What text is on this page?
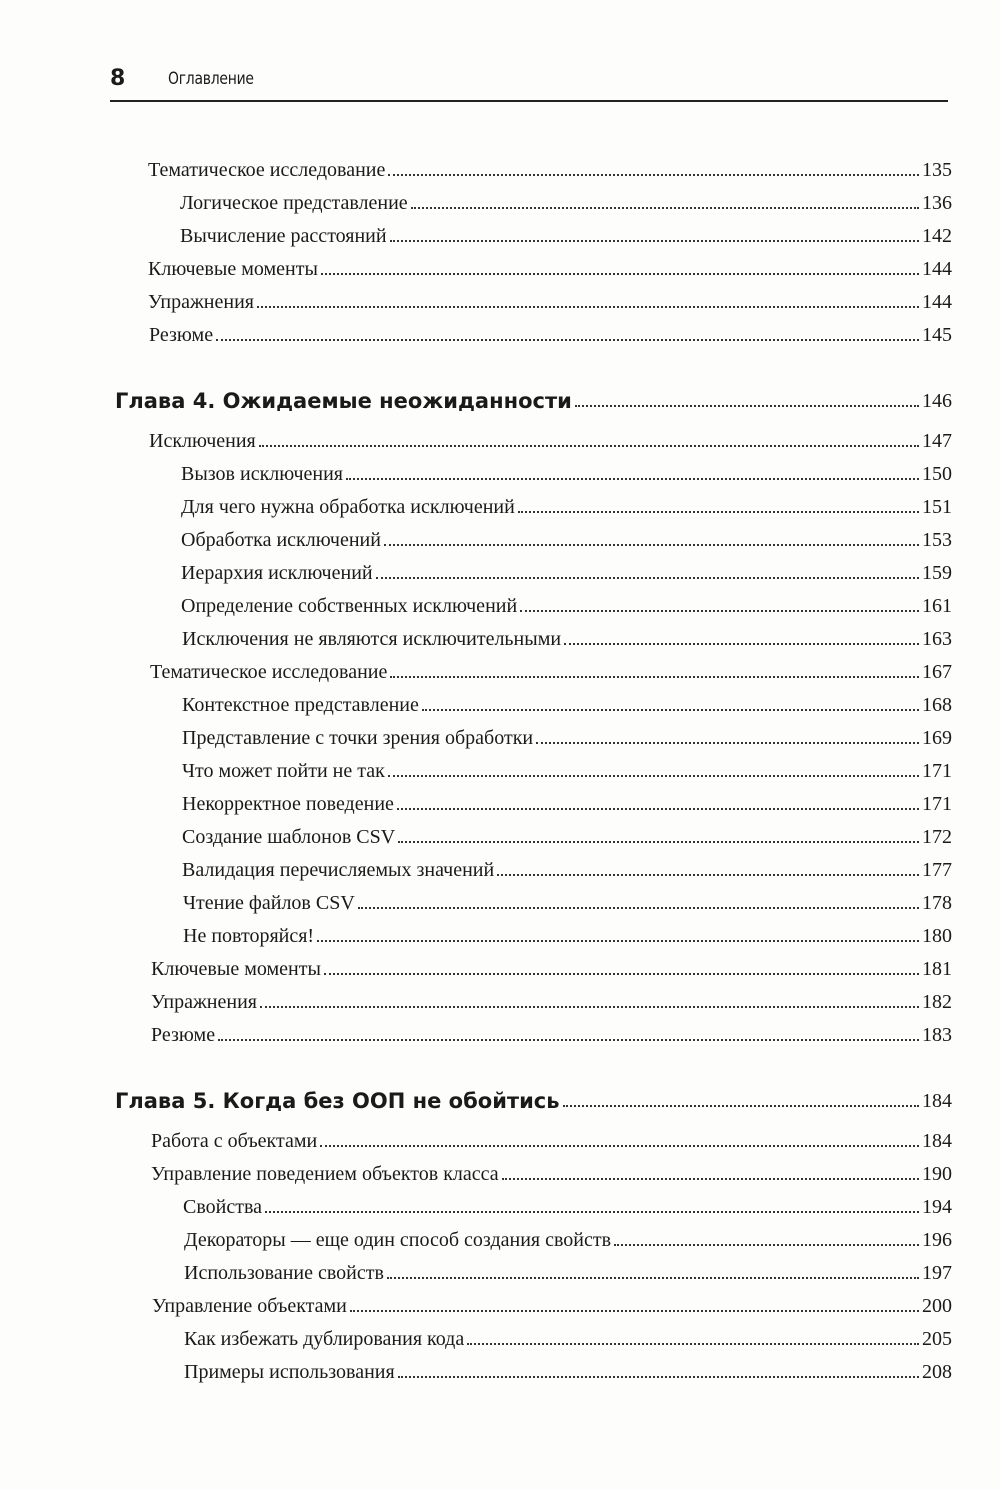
8	Оглавление
Тематическое исследование	135
Логическое представление	136
Вычисление расстояний	142
Ключевые моменты	144
Упражнения	144
Резюме	145
Глава 4. Ожидаемые неожиданности	146
Исключения	147
Вызов исключения	150
Для чего нужна обработка исключений	151
Обработка исключений	153
Иерархия исключений	159
Определение собственных исключений	161
Исключения не являются исключительными	163
Тематическое исследование	167
Контекстное представление	168
Представление с точки зрения обработки	169
Что может пойти не так	171
Некорректное поведение	171
Создание шаблонов CSV	172
Валидация перечисляемых значений	177
Чтение файлов CSV	178
Не повторяйся!	180
Ключевые моменты	181
Упражнения	182
Резюме	183
Глава 5. Когда без ООП не обойтись	184
Работа с объектами	184
Управление поведением объектов класса	190
Свойства	194
Декораторы — еще один способ создания свойств	196
Использование свойств	197
Управление объектами	200
Как избежать дублирования кода	205
Примеры использования	208
